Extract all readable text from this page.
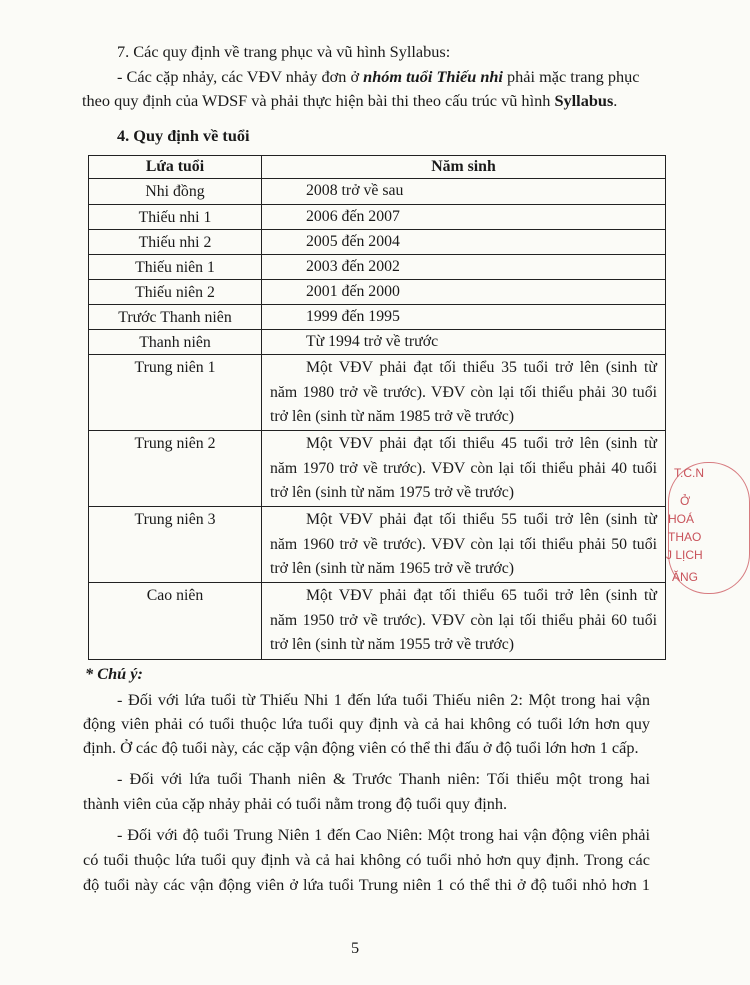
7. Các quy định về trang phục và vũ hình Syllabus:
- Các cặp nhảy, các VĐV nhảy đơn ở nhóm tuổi Thiếu nhi phải mặc trang phục
theo quy định của WDSF và phải thực hiện bài thi theo cấu trúc vũ hình Syllabus.
4. Quy định về tuổi
Lứa tuổi	Năm sinh
Nhi đồng	2008 trở về sau

Thiếu nhi 1	2006 đến 2007

Thiếu nhi 2	2005 đến 2004

Thiếu niên 1	2003 đến 2002

Thiếu niên 2	2001 đến 2000

Trước Thanh niên	1999 đến 1995

Thanh niên	Từ 1994 trở về trước

Trung niên 1	Một VĐV phải đạt tối thiểu 35 tuổi trở lên (sinh từ năm 1980 trở về trước). VĐV còn lại tối thiểu phải 30 tuổi trở lên (sinh từ năm 1985 trở về trước)

Trung niên 2	Một VĐV phải đạt tối thiểu 45 tuổi trở lên (sinh từ năm 1970 trở về trước). VĐV còn lại tối thiểu phải 40 tuổi trở lên (sinh từ năm 1975 trở về trước)

Trung niên 3	Một VĐV phải đạt tối thiểu 55 tuổi trở lên (sinh từ năm 1960 trở về trước). VĐV còn lại tối thiểu phải 50 tuổi trở lên (sinh từ năm 1965 trở về trước)

Cao niên	Một VĐV phải đạt tối thiểu 65 tuổi trở lên (sinh từ năm 1950 trở về trước). VĐV còn lại tối thiểu phải 60 tuổi trở lên (sinh từ năm 1955 trở về trước)
* Chú ý:
- Đối với lứa tuổi từ Thiếu Nhi 1 đến lứa tuổi Thiếu niên 2: Một trong hai vận
động viên phải có tuổi thuộc lứa tuổi quy định và cả hai không có tuổi lớn hơn quy
định. Ở các độ tuổi này, các cặp vận động viên có thể thi đấu ở độ tuổi lớn hơn 1 cấp.
- Đối với lứa tuổi Thanh niên & Trước Thanh niên: Tối thiểu một trong hai
thành viên của cặp nhảy phải có tuổi nằm trong độ tuổi quy định.
- Đối với độ tuổi Trung Niên 1 đến Cao Niên: Một trong hai vận động viên phải
có tuổi thuộc lứa tuổi quy định và cả hai không có tuổi nhỏ hơn quy định. Trong các
độ tuổi này các vận động viên ở lứa tuổi Trung niên 1 có thể thi ở độ tuổi nhỏ hơn 1
5
T.C.N
Ở
HOÁ
THAO
J LỊCH
ĂNG
